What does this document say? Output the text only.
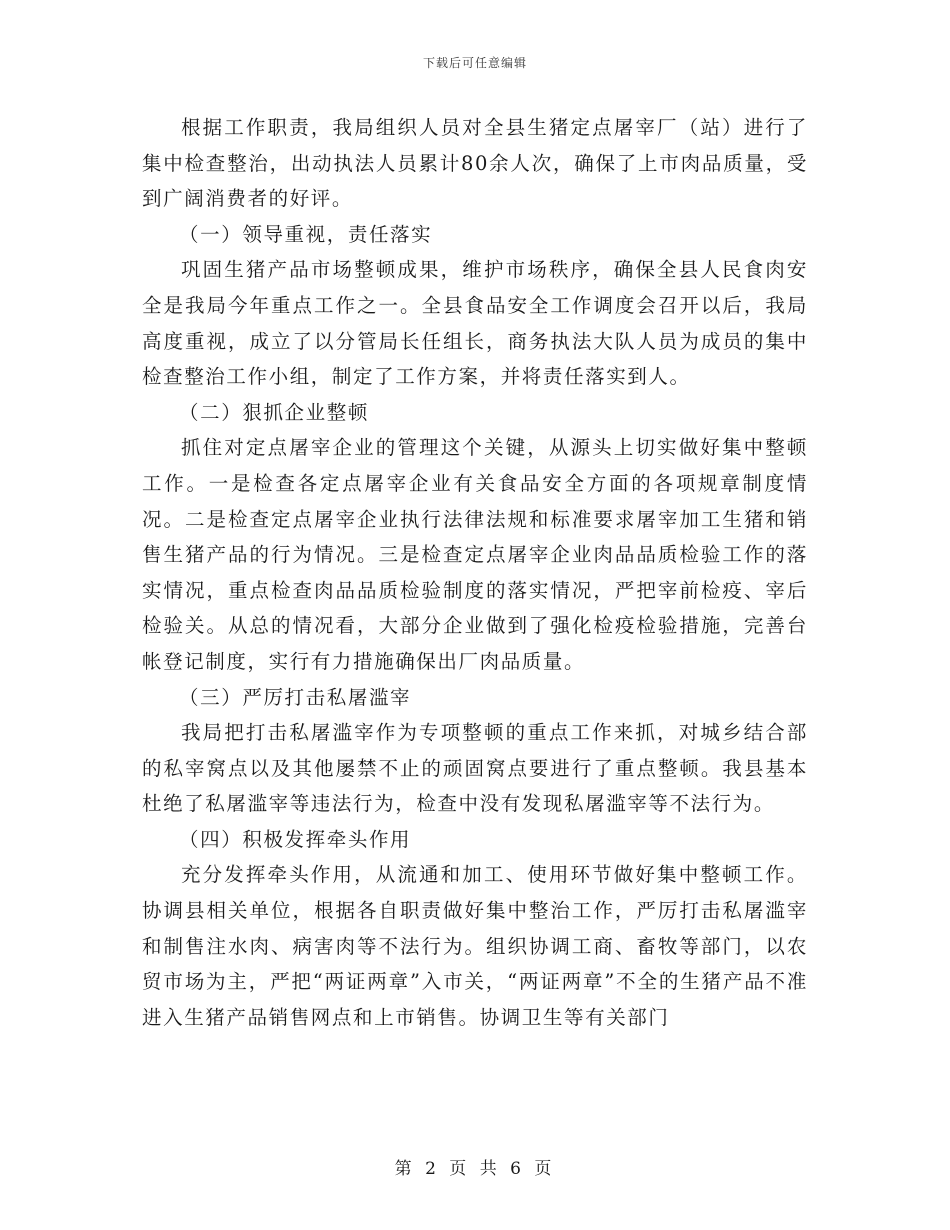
下载后可任意编辑

根据工作职责，我局组织人员对全县生猪定点屠宰厂（站）进行了集中检查整治，出动执法人员累计80余人次，确保了上市肉品质量，受到广阔消费者的好评。

（一）领导重视，责任落实

巩固生猪产品市场整顿成果，维护市场秩序，确保全县人民食肉安全是我局今年重点工作之一。全县食品安全工作调度会召开以后，我局高度重视，成立了以分管局长任组长，商务执法大队人员为成员的集中检查整治工作小组，制定了工作方案，并将责任落实到人。

（二）狠抓企业整顿

抓住对定点屠宰企业的管理这个关键，从源头上切实做好集中整顿工作。一是检查各定点屠宰企业有关食品安全方面的各项规章制度情况。二是检查定点屠宰企业执行法律法规和标准要求屠宰加工生猪和销售生猪产品的行为情况。三是检查定点屠宰企业肉品品质检验工作的落实情况，重点检查肉品品质检验制度的落实情况，严把宰前检疫、宰后检验关。从总的情况看，大部分企业做到了强化检疫检验措施，完善台帐登记制度，实行有力措施确保出厂肉品质量。

（三）严厉打击私屠滥宰

我局把打击私屠滥宰作为专项整顿的重点工作来抓，对城乡结合部的私宰窝点以及其他屡禁不止的顽固窝点要进行了重点整顿。我县基本杜绝了私屠滥宰等违法行为，检查中没有发现私屠滥宰等不法行为。

（四）积极发挥牵头作用

充分发挥牵头作用，从流通和加工、使用环节做好集中整顿工作。协调县相关单位，根据各自职责做好集中整治工作，严厉打击私屠滥宰和制售注水肉、病害肉等不法行为。组织协调工商、畜牧等部门，以农贸市场为主，严把“两证两章”入市关，“两证两章”不全的生猪产品不准进入生猪产品销售网点和上市销售。协调卫生等有关部门

第 2 页 共 6 页
